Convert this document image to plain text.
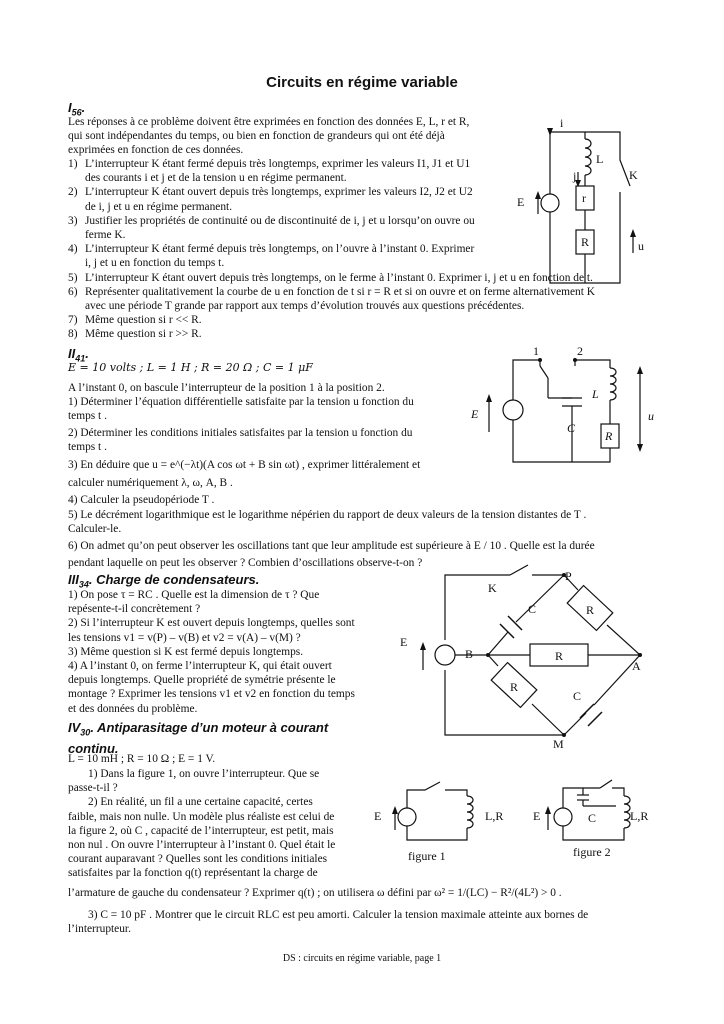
Circuits en régime variable
$I_{56}$.

Les réponses à ce problème doivent être exprimées en fonction des données E, L, r et R,

qui sont indépendantes du temps, ou bien en fonction de grandeurs qui ont été déjà

exprimées en fonction de ces données.

1) L’interrupteur K étant fermé depuis très longtemps, exprimer les valeurs I1, J1 et U1
des courants i et j et de la tension u en régime permanent.
2) L’interrupteur K étant ouvert depuis très longtemps, exprimer les valeurs I2, J2 et U2
de i, j et u en régime permanent.
3) Justifier les propriétés de continuité ou de discontinuité de i, j et u lorsqu’on ouvre ou
ferme K.
4) L’interrupteur K étant fermé depuis très longtemps, on l’ouvre à l’instant 0. Exprimer
i, j et u en fonction du temps t.
5) L’interrupteur K étant ouvert depuis très longtemps, on le ferme à l’instant 0. Exprimer i, j et u en fonction de t.
6) Représenter qualitativement la courbe de u en fonction de t si r = R et si on ouvre et on ferme alternativement K
avec une période T grande par rapport aux temps d’évolution trouvés aux questions précédentes.
7) Même question si r << R.
8) Même question si r >> R.
i
L
j	K
E	r
R	u
$II_{41}$.
E = 10 volts ; L = 1 H ; R = 20 Ω ; C = 1 μF
A l’instant 0, on bascule l’interrupteur de la position 1 à la position 2.
1) Déterminer l’équation différentielle satisfaite par la tension u fonction du
temps t .
2) Déterminer les conditions initiales satisfaites par la tension u fonction du
temps t .
3) En déduire que u = e^(−λt)(A cos ωt + B sin ωt) , exprimer littéralement et
calculer numériquement λ, ω, A, B .
4) Calculer la pseudopériode T .
5) Le décrément logarithmique est le logarithme népérien du rapport de deux valeurs de la tension distantes de T .
Calculer-le.
6) On admet qu’on peut observer les oscillations tant que leur amplitude est supérieure à E / 10 . Quelle est la durée
pendant laquelle on peut les observer ? Combien d’oscillations observe-t-on ?
1	2
E
L
C
R
u
$III_{34}$. Charge de condensateurs.
1) On pose τ = RC . Quelle est la dimension de τ ? Que
repésente-t-il concrètement ?
2) Si l’interrupteur K est ouvert depuis longtemps, quelles sont
les tensions v1 = v(P) – v(B) et v2 = v(A) – v(M) ?
3) Même question si K est fermé depuis longtemps.
4) A l’instant 0, on ferme l’interrupteur K, qui était ouvert
depuis longtemps. Quelle propriété de symétrie présente le
montage ? Exprimer les tensions v1 et v2 en fonction du temps
et des données du problème.
K
P
C	R
E
B	R
A
R
C
M
$IV_{30}$. Antiparasitage d’un moteur à courant
continu.
L = 10 mH ; R = 10 Ω ; E = 1 V.
1) Dans la figure 1, on ouvre l’interrupteur. Que se
passe-t-il ?
2) En réalité, un fil a une certaine capacité, certes
faible, mais non nulle. Un modèle plus réaliste est celui de
la figure 2, où C , capacité de l’interrupteur, est petit, mais
non nul . On ouvre l’interrupteur à l’instant 0. Quel était le
courant auparavant ? Quelles sont les conditions initiales
satisfaites par la fonction q(t) représentant la charge de
l’armature de gauche du condensateur ? Exprimer q(t) ; on utilisera ω défini par ω² = 1/(LC) − R²/(4L²) > 0 .
3) C = 10 pF . Montrer que le circuit RLC est peu amorti. Calculer la tension maximale atteinte aux bornes de
l’interrupteur.
E	L,R
figure 1
E	C	L,R
figure 2
DS : circuits en régime variable, page 1
